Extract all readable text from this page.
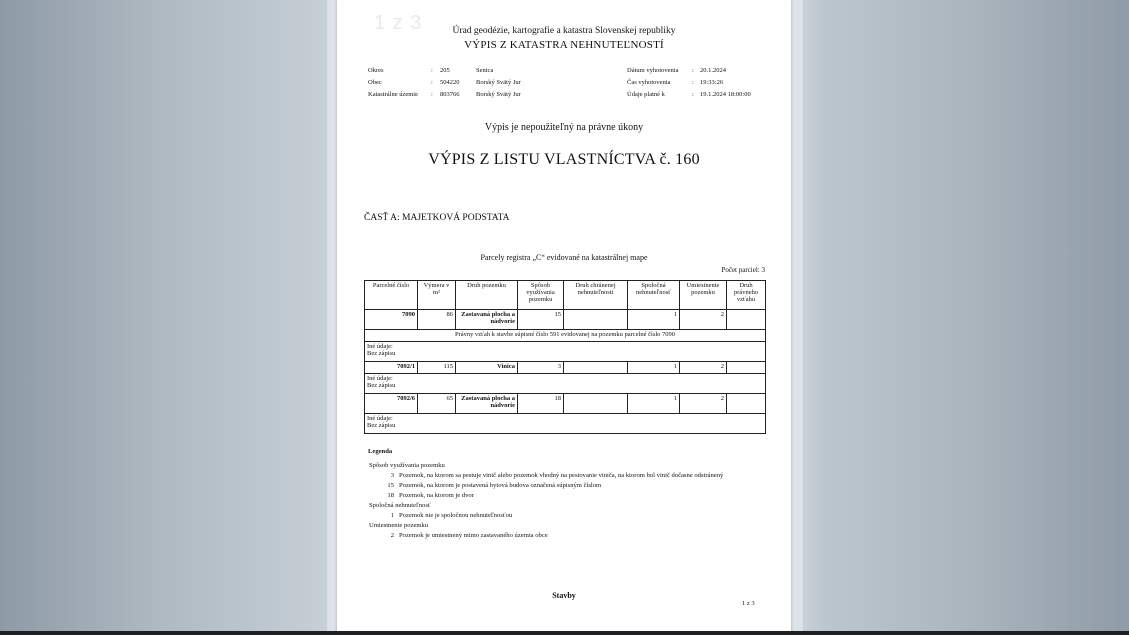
1 z 3	Úrad geodézie, kartografie a katastra Slovenskej republiky
VÝPIS Z KATASTRA NEHNUTEĽNOSTÍ
Okres	: 205	Senica
Obec	: 504220	Borský Svätý Jur
Katastrálne územie : 803766	Borský Svätý Jur
Dátum vyhotovenia : 20.1.2024
Čas vyhotovenia	: 19:33:26
Údaje platné k	: 19.1.2024 18:00:00
Výpis je nepoužiteľný na právne úkony
VÝPIS Z LISTU VLASTNÍCTVA č. 160
ČASŤ A: MAJETKOVÁ PODSTATA
Parcely registra „C“ evidované na katastrálnej mape
Počet parciel: 3
Parcelné číslo	Výmera v m²	Druh pozemku	Spôsob využívania pozemku	Druh chránenej nehnuteľnosti	Spoločná nehnuteľnosť	Umiestnenie pozemku	Druh právneho vzťahu
7090	86	Zastavaná plocha a nádvorie	15		1	2	
Právny vzťah k stavbe súpisné číslo 591 evidovanej na pozemku parcelné číslo 7090							

Iné údaje:
Bez zápisu							

7092/1	115	Vinica	3		1	2	

Iné údaje:
Bez zápisu							

7092/6	65	Zastavaná plocha a nádvorie	18		1	2	

Iné údaje:
Bez zápisu							
Legenda
Spôsob využívania pozemku
3 Pozemok, na ktorom sa pestuje vinič alebo pozemok vhodný na pestovanie viniča, na ktorom bol vinič dočasne odstránený
15 Pozemok, na ktorom je postavená bytová budova označená súpisným číslom
18 Pozemok, na ktorom je dvor
Spoločná nehnuteľnosť
1 Pozemok nie je spoločnou nehnuteľnosťou
Umiestnenie pozemku
2 Pozemok je umiestnený mimo zastavaného územia obce
Stavby
1 z 3
